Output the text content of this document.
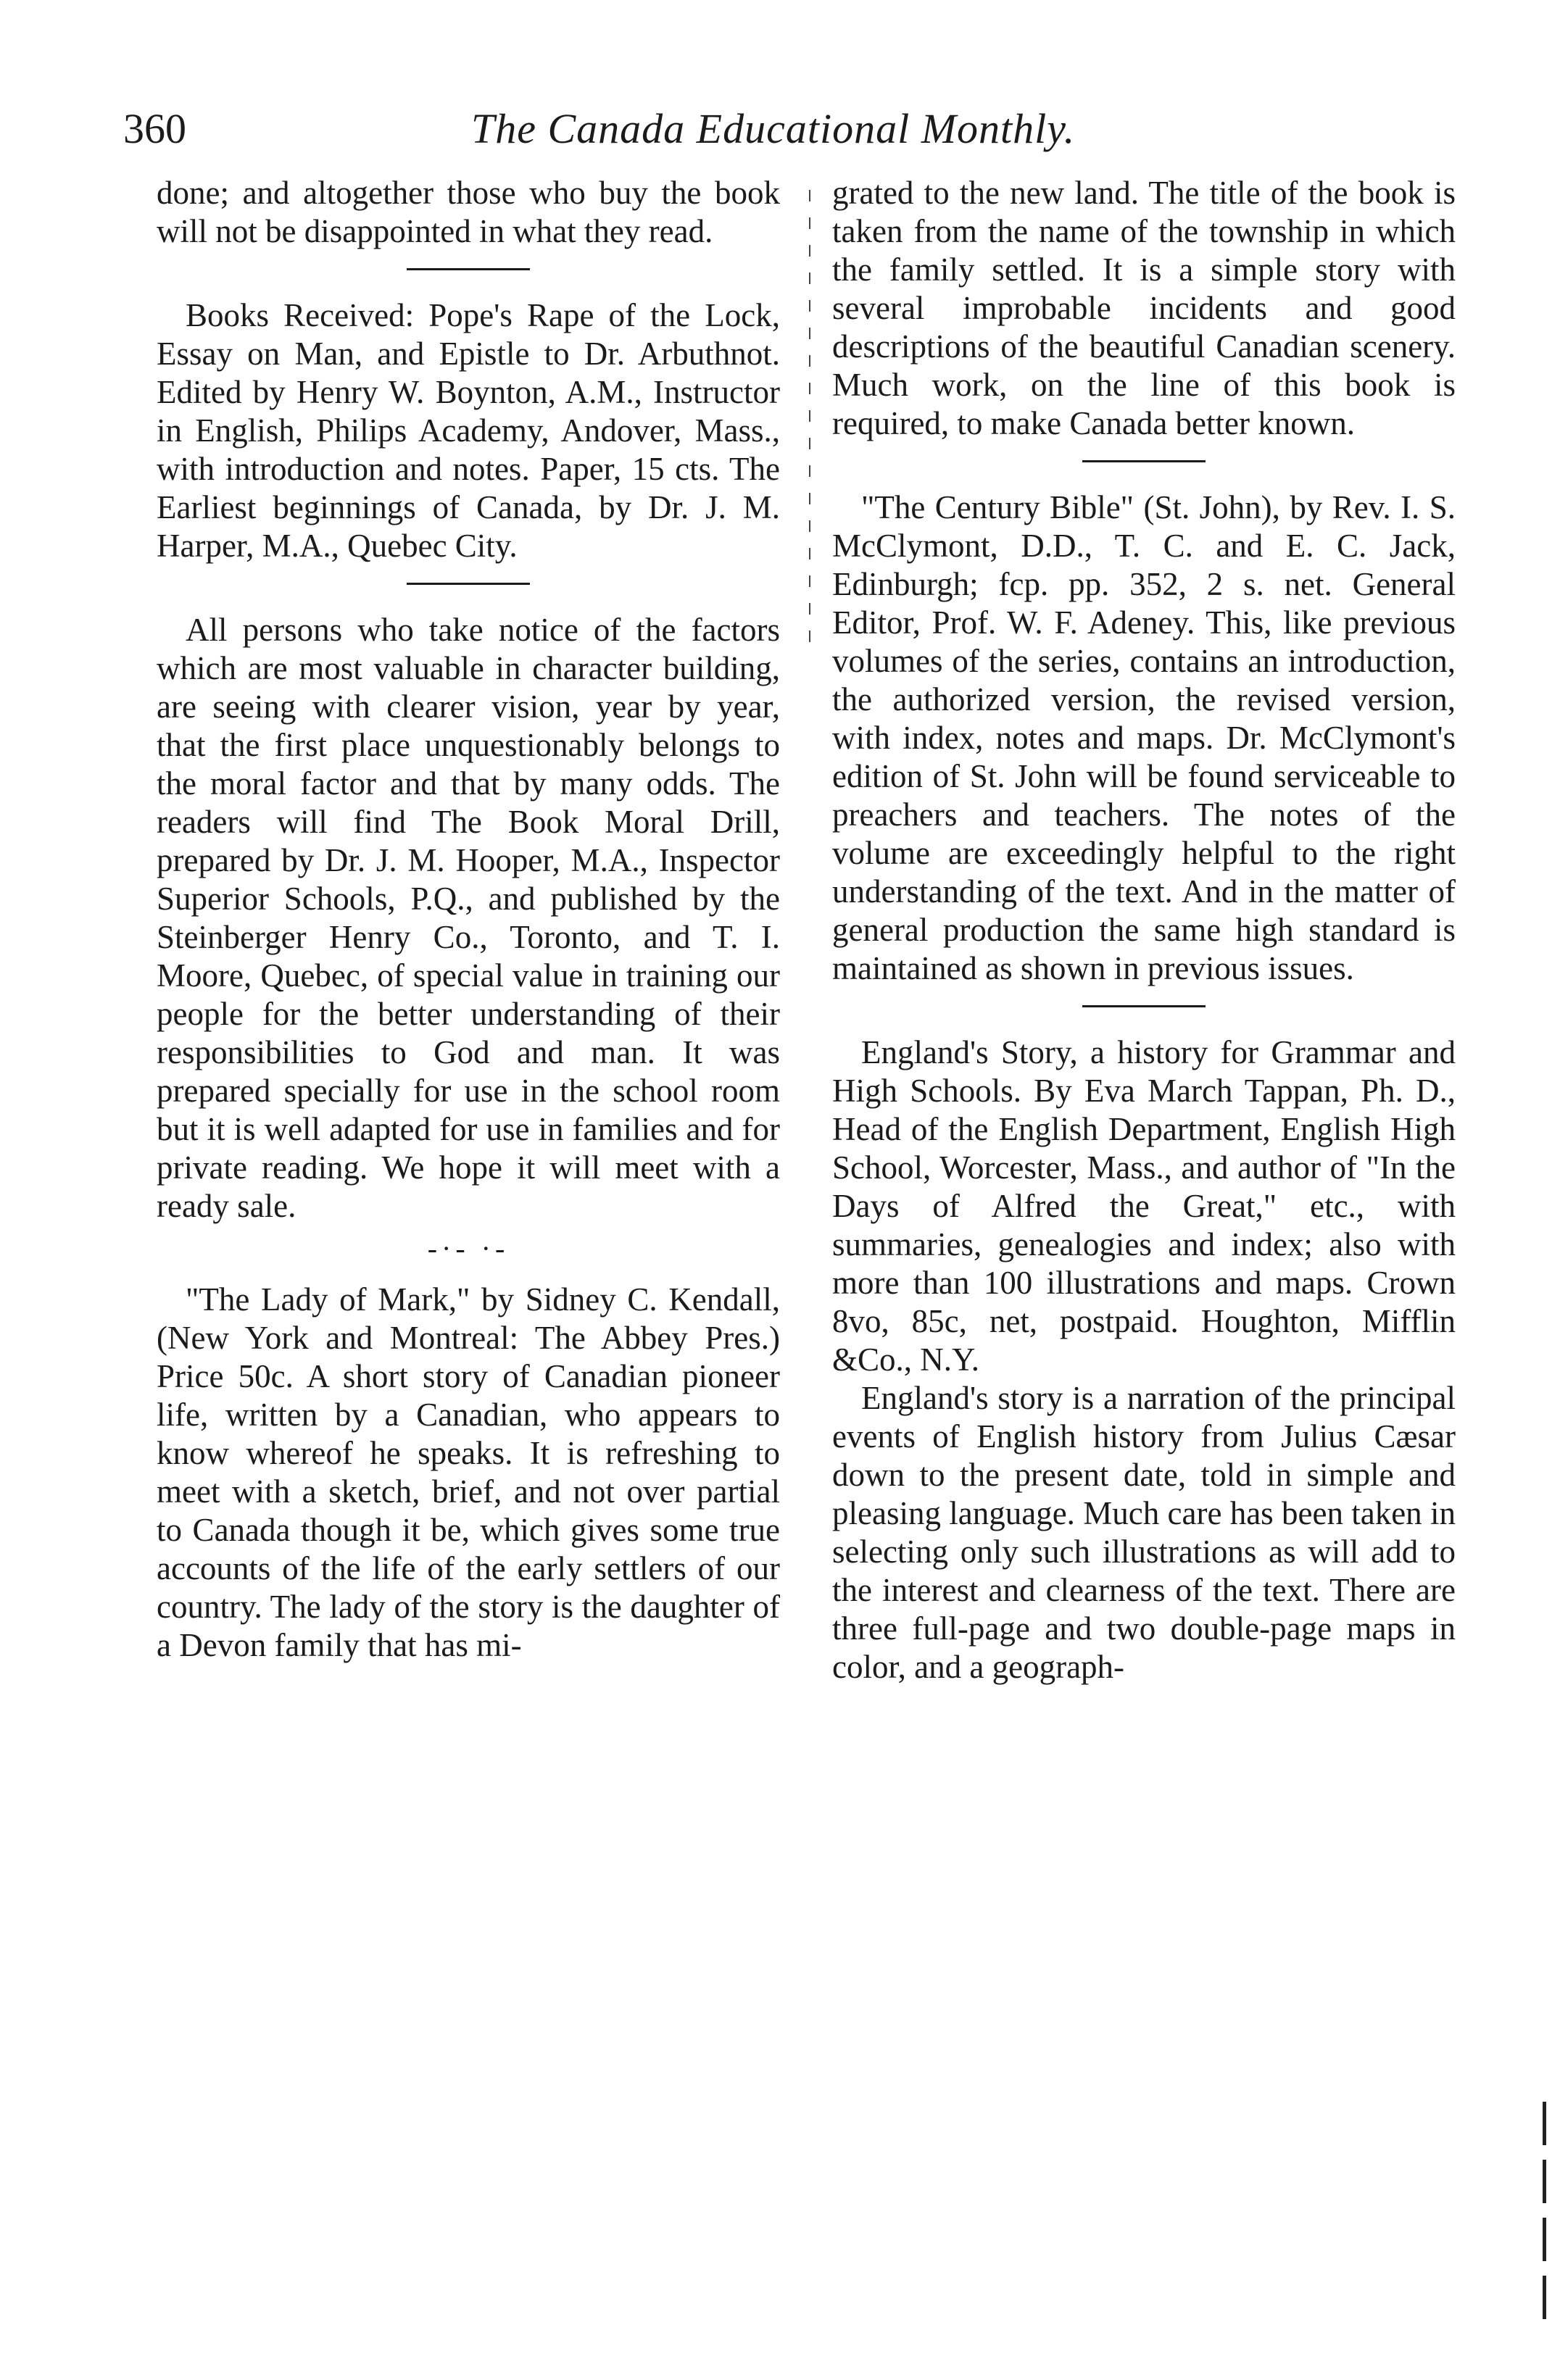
360	The Canada Educational Monthly.

done; and altogether those who buy the book will not be disappointed in what they read.

Books Received: Pope's Rape of the Lock, Essay on Man, and Epistle to Dr. Arbuthnot. Edited by Henry W. Boynton, A.M., Instructor in English, Philips Academy, Andover, Mass., with introduction and notes. Paper, 15 cts. The Earliest beginnings of Canada, by Dr. J. M. Harper, M.A., Quebec City.

All persons who take notice of the factors which are most valuable in character building, are seeing with clearer vision, year by year, that the first place unquestionably belongs to the moral factor and that by many odds. The readers will find The Book Moral Drill, prepared by Dr. J. M. Hooper, M.A., Inspector Superior Schools, P.Q., and published by the Steinberger Henry Co., Toronto, and T. I. Moore, Quebec, of special value in training our people for the better understanding of their responsibilities to God and man. It was prepared specially for use in the school room but it is well adapted for use in families and for private reading. We hope it will meet with a ready sale.

-·- ·-

"The Lady of Mark," by Sidney C. Kendall, (New York and Montreal: The Abbey Pres.) Price 50c. A short story of Canadian pioneer life, written by a Canadian, who appears to know whereof he speaks. It is refreshing to meet with a sketch, brief, and not over partial to Canada though it be, which gives some true accounts of the life of the early settlers of our country. The lady of the story is the daughter of a Devon family that has mi-

grated to the new land. The title of the book is taken from the name of the township in which the family settled. It is a simple story with several improbable incidents and good descriptions of the beautiful Canadian scenery. Much work, on the line of this book is required, to make Canada better known.

"The Century Bible" (St. John), by Rev. I. S. McClymont, D.D., T. C. and E. C. Jack, Edinburgh; fcp. pp. 352, 2 s. net. General Editor, Prof. W. F. Adeney. This, like previous volumes of the series, contains an introduction, the authorized version, the revised version, with index, notes and maps. Dr. McClymont's edition of St. John will be found serviceable to preachers and teachers. The notes of the volume are exceedingly helpful to the right understanding of the text. And in the matter of general production the same high standard is maintained as shown in previous issues.

England's Story, a history for Grammar and High Schools. By Eva March Tappan, Ph. D., Head of the English Department, English High School, Worcester, Mass., and author of "In the Days of Alfred the Great," etc., with summaries, genealogies and index; also with more than 100 illustrations and maps. Crown 8vo, 85c, net, postpaid. Houghton, Mifflin &Co., N.Y.

England's story is a narration of the principal events of English history from Julius Cæsar down to the present date, told in simple and pleasing language. Much care has been taken in selecting only such illustrations as will add to the interest and clearness of the text. There are three full-page and two double-page maps in color, and a geograph-
